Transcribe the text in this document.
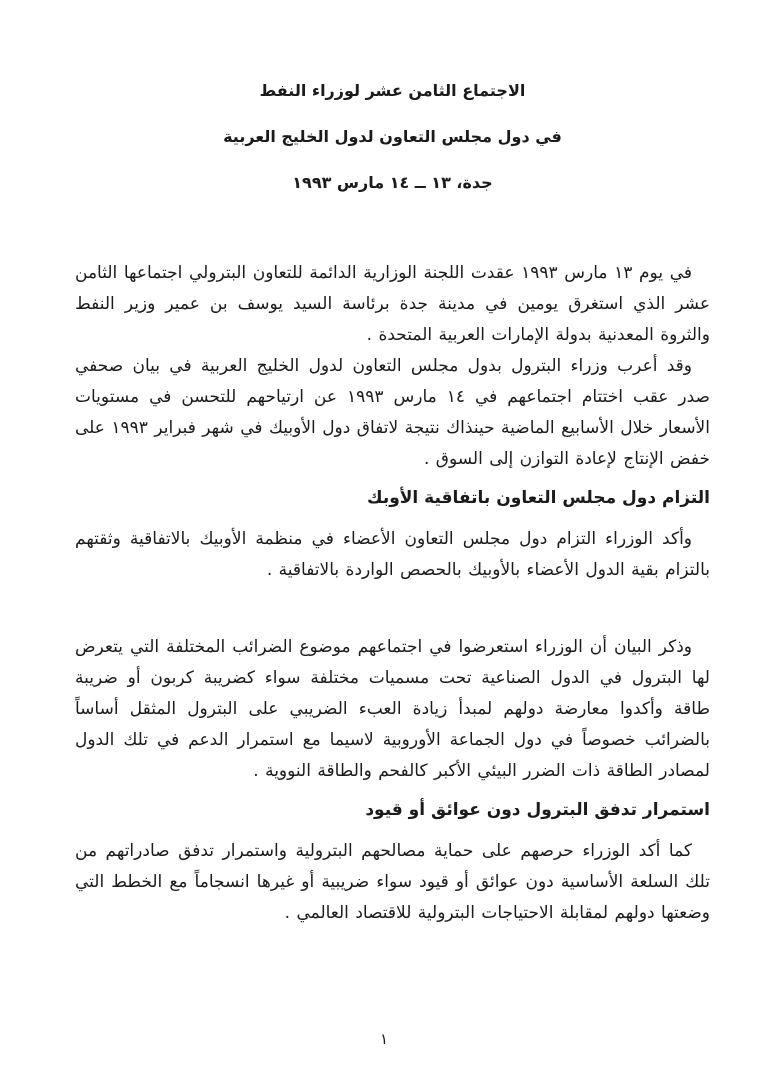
الاجتماع الثامن عشر لوزراء النفط
في دول مجلس التعاون لدول الخليج العربية
جدة، ١٣ ــ ١٤ مارس ١٩٩٣

في يوم ١٣ مارس ١٩٩٣ عقدت اللجنة الوزارية الدائمة للتعاون البترولي اجتماعها الثامن عشر الذي استغرق يومين في مدينة جدة برئاسة السيد يوسف بن عمير وزير النفط والثروة المعدنية بدولة الإمارات العربية المتحدة .

وقد أعرب وزراء البترول بدول مجلس التعاون لدول الخليج العربية في بيان صحفي صدر عقب اختتام اجتماعهم في ١٤ مارس ١٩٩٣ عن ارتياحهم للتحسن في مستويات الأسعار خلال الأسابيع الماضية حينذاك نتيجة لاتفاق دول الأوبيك في شهر فبراير ١٩٩٣ على خفض الإنتاج لإعادة التوازن إلى السوق .

التزام دول مجلس التعاون باتفاقية الأوبك

وأكد الوزراء التزام دول مجلس التعاون الأعضاء في منظمة الأوبيك بالاتفاقية وثقتهم بالتزام بقية الدول الأعضاء بالأوبيك بالحصص الواردة بالاتفاقية .

وذكر البيان أن الوزراء استعرضوا في اجتماعهم موضوع الضرائب المختلفة التي يتعرض لها البترول في الدول الصناعية تحت مسميات مختلفة سواء كضريبة كربون أو ضريبة طاقة وأكدوا معارضة دولهم لمبدأ زيادة العبء الضريبي على البترول المثقل أساساً بالضرائب خصوصاً في دول الجماعة الأوروبية لاسيما مع استمرار الدعم في تلك الدول لمصادر الطاقة ذات الضرر البيئي الأكبر كالفحم والطاقة النووية .

استمرار تدفق البترول دون عوائق أو قيود

كما أكد الوزراء حرصهم على حماية مصالحهم البترولية واستمرار تدفق صادراتهم من تلك السلعة الأساسية دون عوائق أو قيود سواء ضريبية أو غيرها انسجاماً مع الخطط التي وضعتها دولهم لمقابلة الاحتياجات البترولية للاقتصاد العالمي .

١
